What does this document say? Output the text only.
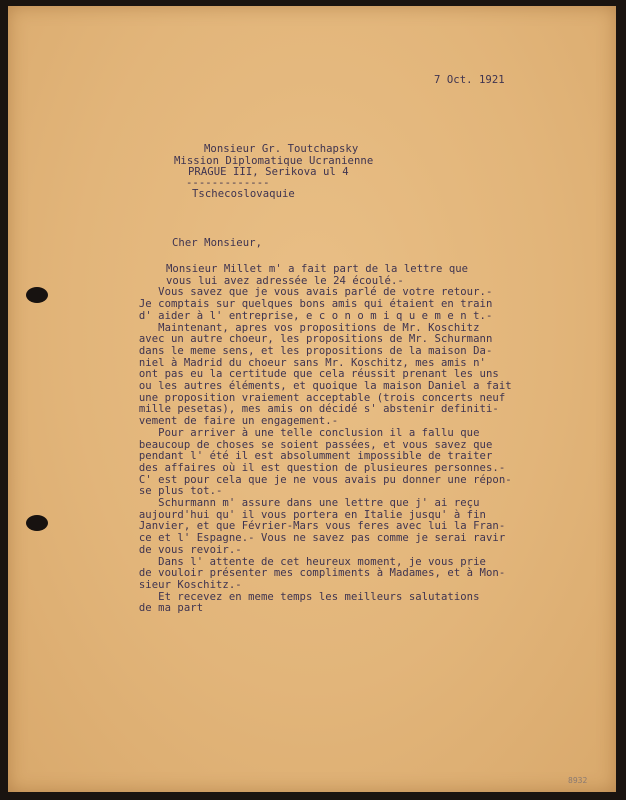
7 Oct. 1921
Monsieur Gr. Toutchapsky
Mission Diplomatique Ucranienne
PRAGUE III, Serikova ul 4
-------------
Tschecoslovaquie
Cher Monsieur,
Monsieur Millet m' a fait part de la lettre que
vous lui avez adressée le 24 écoulé.-
Vous savez que je vous avais parlé de votre retour.-
Je comptais sur quelques bons amis qui étaient en train
d' aider à l' entreprise, e c o n o m i q u e m e n t.-
Maintenant, apres vos propositions de Mr. Koschitz
avec un autre choeur, les propositions de Mr. Schurmann
dans le meme sens, et les propositions de la maison Da-
niel à Madrid du choeur sans Mr. Koschitz, mes amis n'
ont pas eu la certitude que cela réussit prenant les uns
ou les autres éléments, et quoique la maison Daniel a fait
une proposition vraiement acceptable (trois concerts neuf
mille pesetas), mes amis on décidé s' abstenir definiti-
vement de faire un engagement.-
Pour arriver à une telle conclusion il a fallu que
beaucoup de choses se soient passées, et vous savez que
pendant l' été il est absolumment impossible de traiter
des affaires où il est question de plusieures personnes.-
C' est pour cela que je ne vous avais pu donner une répon-
se plus tot.-
Schurmann m' assure dans une lettre que j' ai reçu
aujourd'hui qu' il vous portera en Italie jusqu' à fin
Janvier, et que Février-Mars vous feres avec lui la Fran-
ce et l' Espagne.- Vous ne savez pas comme je serai ravir
de vous revoir.-
Dans l' attente de cet heureux moment, je vous prie
de vouloir présenter mes compliments à Madames, et à Mon-
sieur Koschitz.-
Et recevez en meme temps les meilleurs salutations
de ma part
8932
